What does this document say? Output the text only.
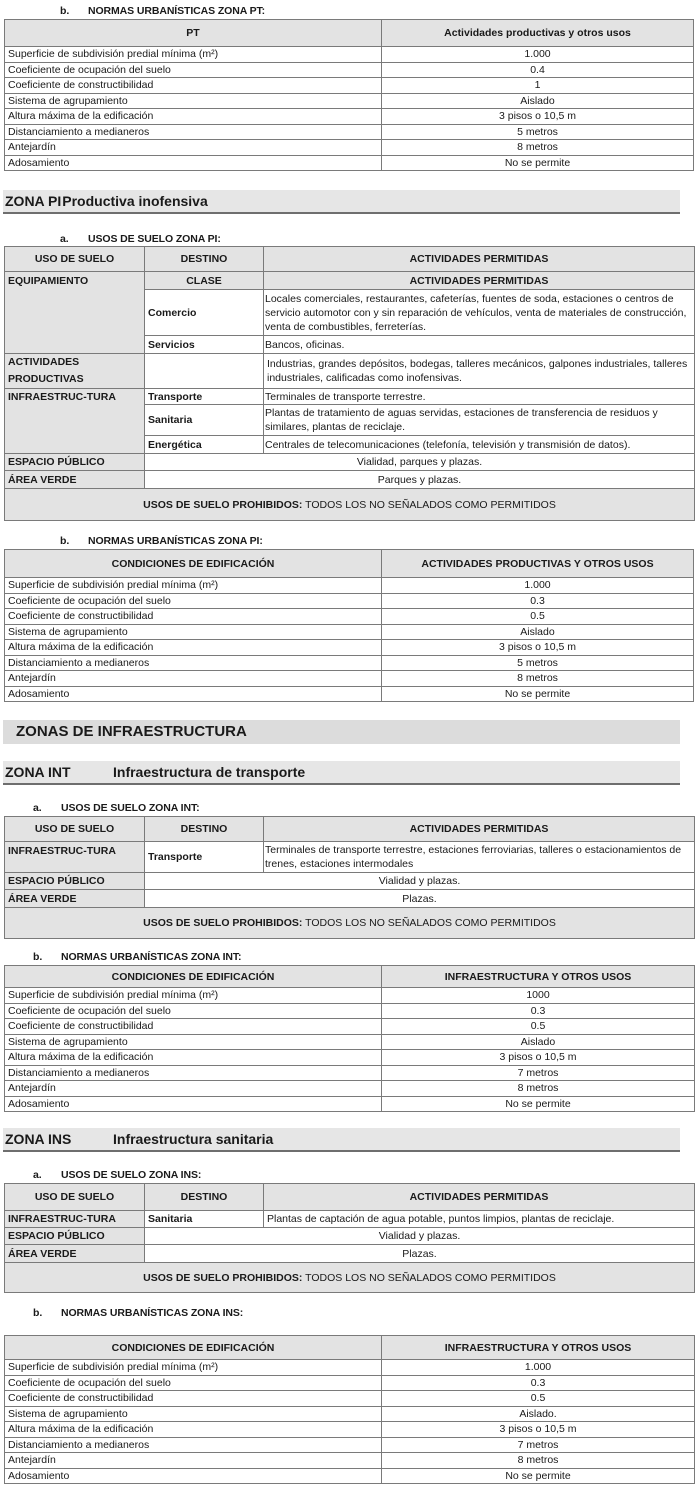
b. NORMAS URBANÍSTICAS ZONA PT:
PT	Actividades productivas y otros usos
Superficie de subdivisión predial mínima (m²)	1.000
Coeficiente de ocupación del suelo	0.4
Coeficiente de constructibilidad	1
Sistema de agrupamiento	Aislado
Altura máxima de la edificación	3 pisos o 10,5 m
Distanciamiento a medianeros	5 metros
Antejardín	8 metros
Adosamiento	No se permite
ZONA PIProductiva inofensiva
a. USOS DE SUELO ZONA PI:
USO DE SUELO	DESTINO	ACTIVIDADES PERMITIDAS
EQUIPAMIENTO	CLASE	ACTIVIDADES PERMITIDAS
	Comercio	Locales comerciales, restaurantes, cafeterías, fuentes de soda, estaciones o centros de servicio automotor con y sin reparación de vehículos, venta de materiales de construcción, venta de combustibles, ferreterías.
	Servicios	Bancos, oficinas.
ACTIVIDADES PRODUCTIVAS		Industrias, grandes depósitos, bodegas, talleres mecánicos, galpones industriales, talleres industriales, calificadas como inofensivas.
INFRAESTRUC-TURA	Transporte	Terminales de transporte terrestre.
	Sanitaria	Plantas de tratamiento de aguas servidas, estaciones de transferencia de residuos y similares, plantas de reciclaje.
	Energética	Centrales de telecomunicaciones (telefonía, televisión y transmisión de datos).
ESPACIO PÚBLICO	Vialidad, parques y plazas.	
ÁREA VERDE	Parques y plazas.	
USOS DE SUELO PROHIBIDOS: TODOS LOS NO SEÑALADOS COMO PERMITIDOS		
b. NORMAS URBANÍSTICAS ZONA PI:
CONDICIONES DE EDIFICACIÓN	ACTIVIDADES PRODUCTIVAS Y OTROS USOS
Superficie de subdivisión predial mínima (m²)	1.000
Coeficiente de ocupación del suelo	0.3
Coeficiente de constructibilidad	0.5
Sistema de agrupamiento	Aislado
Altura máxima de la edificación	3 pisos o 10,5 m
Distanciamiento a medianeros	5 metros
Antejardín	8 metros
Adosamiento	No se permite
ZONAS DE INFRAESTRUCTURA
ZONA INT	Infraestructura de transporte
a. USOS DE SUELO ZONA INT:
USO DE SUELO	DESTINO	ACTIVIDADES PERMITIDAS
INFRAESTRUC-TURA	Transporte	Terminales de transporte terrestre, estaciones ferroviarias, talleres o estacionamientos de trenes, estaciones intermodales
ESPACIO PÚBLICO	Vialidad y plazas.	
ÁREA VERDE	Plazas.	
USOS DE SUELO PROHIBIDOS: TODOS LOS NO SEÑALADOS COMO PERMITIDOS		
b. NORMAS URBANÍSTICAS ZONA INT:
CONDICIONES DE EDIFICACIÓN	INFRAESTRUCTURA Y OTROS USOS
Superficie de subdivisión predial mínima (m²)	1000
Coeficiente de ocupación del suelo	0.3
Coeficiente de constructibilidad	0.5
Sistema de agrupamiento	Aislado
Altura máxima de la edificación	3 pisos o 10,5 m
Distanciamiento a medianeros	7 metros
Antejardín	8 metros
Adosamiento	No se permite
ZONA INS	Infraestructura sanitaria
a. USOS DE SUELO ZONA INS:
USO DE SUELO	DESTINO	ACTIVIDADES PERMITIDAS
INFRAESTRUC-TURA	Sanitaria	Plantas de captación de agua potable, puntos limpios, plantas de reciclaje.
ESPACIO PÚBLICO	Vialidad y plazas.	
ÁREA VERDE	Plazas.	
USOS DE SUELO PROHIBIDOS: TODOS LOS NO SEÑALADOS COMO PERMITIDOS		
b. NORMAS URBANÍSTICAS ZONA INS:
CONDICIONES DE EDIFICACIÓN	INFRAESTRUCTURA Y OTROS USOS
Superficie de subdivisión predial mínima (m²)	1.000
Coeficiente de ocupación del suelo	0.3
Coeficiente de constructibilidad	0.5
Sistema de agrupamiento	Aislado.
Altura máxima de la edificación	3 pisos o 10,5 m
Distanciamiento a medianeros	7 metros
Antejardín	8 metros
Adosamiento	No se permite
